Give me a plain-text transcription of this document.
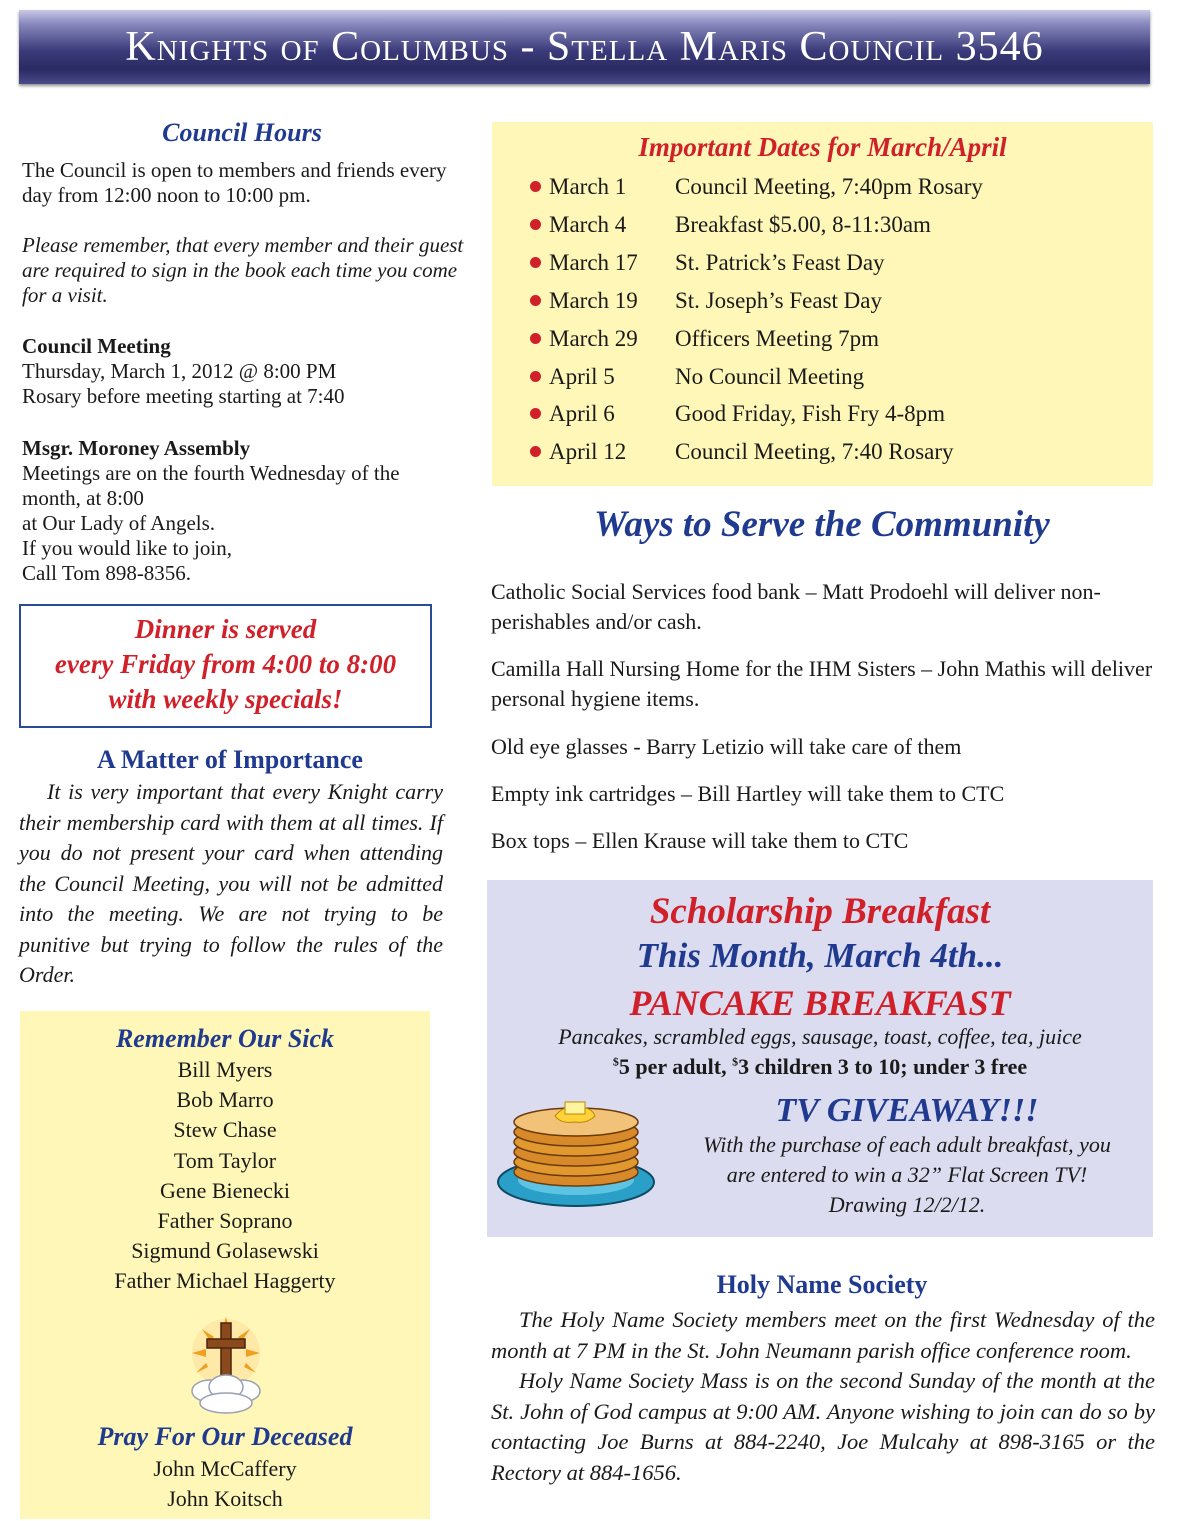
Knights of Columbus - Stella Maris Council 3546
Council Hours
The Council is open to members and friends every day from 12:00 noon to 10:00 pm.
Please remember, that every member and their guest are required to sign in the book each time you come for a visit.
Council Meeting
Thursday, March 1, 2012 @ 8:00 PM
Rosary before meeting starting at 7:40
Msgr. Moroney Assembly
Meetings are on the fourth Wednesday of the
month, at 8:00
at Our Lady of Angels.
If you would like to join,
Call Tom 898-8356.
Dinner is served
every Friday from 4:00 to 8:00
with weekly specials!
A Matter of Importance
It is very important that every Knight carry their membership card with them at all times. If you do not present your card when attending the Council Meeting, you will not be admitted into the meeting. We are not trying to be punitive but trying to follow the rules of the Order.
Remember Our Sick
Bill Myers
Bob Marro
Stew Chase
Tom Taylor
Gene Bienecki
Father Soprano
Sigmund Golasewski
Father Michael Haggerty
Pray For Our Deceased
John McCaffery
John Koitsch
Important Dates for March/April
March 1 Council Meeting, 7:40pm Rosary
March 4 Breakfast $5.00, 8-11:30am
March 17 St. Patrick’s Feast Day
March 19 St. Joseph’s Feast Day
March 29 Officers Meeting 7pm
April 5	No Council Meeting
April 6	Good Friday, Fish Fry 4-8pm
April 12 Council Meeting, 7:40 Rosary
Ways to Serve the Community
Catholic Social Services food bank – Matt Prodoehl will deliver non-perishables and/or cash.
Camilla Hall Nursing Home for the IHM Sisters – John Mathis will deliver personal hygiene items.
Old eye glasses - Barry Letizio will take care of them
Empty ink cartridges – Bill Hartley will take them to CTC
Box tops – Ellen Krause will take them to CTC
Scholarship Breakfast
This Month, March 4th...
PANCAKE BREAKFAST
Pancakes, scrambled eggs, sausage, toast, coffee, tea, juice
$5 per adult, $3 children 3 to 10; under 3 free
TV GIVEAWAY!!!
With the purchase of each adult breakfast, you
are entered to win a 32” Flat Screen TV!
Drawing 12/2/12.
Holy Name Society

The Holy Name Society members meet on the first Wednesday of the month at 7 PM in the St. John Neumann parish office conference room.

Holy Name Society Mass is on the second Sunday of the month at the St. John of God campus at 9:00 AM. Anyone wishing to join can do so by contacting Joe Burns at 884-2240, Joe Mulcahy at 898-3165 or the Rectory at 884-1656.
